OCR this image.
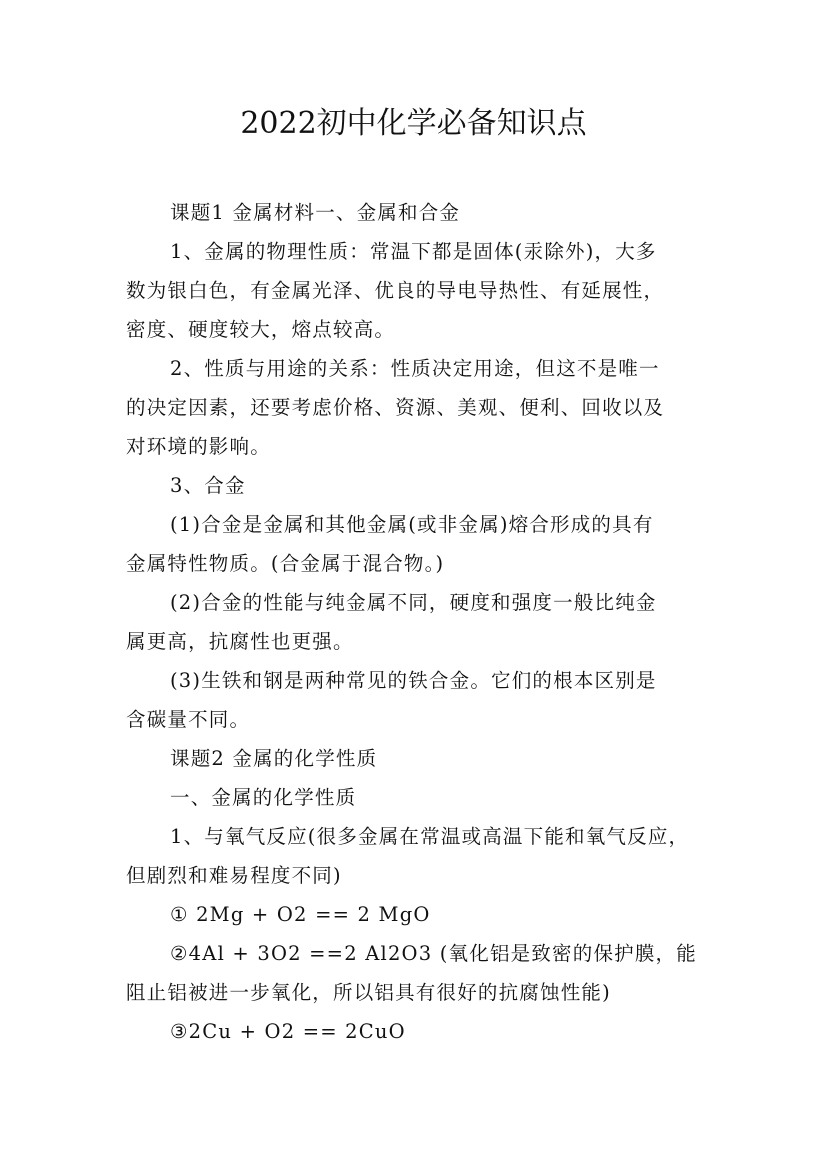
2022初中化学必备知识点

课题1 金属材料一、金属和合金

1、金属的物理性质：常温下都是固体(汞除外)，大多
数为银白色，有金属光泽、优良的导电导热性、有延展性，
密度、硬度较大，熔点较高。

2、性质与用途的关系：性质决定用途，但这不是唯一
的决定因素，还要考虑价格、资源、美观、便利、回收以及
对环境的影响。

3、合金

(1)合金是金属和其他金属(或非金属)熔合形成的具有
金属特性物质。(合金属于混合物。)

(2)合金的性能与纯金属不同，硬度和强度一般比纯金
属更高，抗腐性也更强。

(3)生铁和钢是两种常见的铁合金。它们的根本区别是
含碳量不同。

课题2 金属的化学性质

一、金属的化学性质

1、与氧气反应(很多金属在常温或高温下能和氧气反应，
但剧烈和难易程度不同)

① 2Mg + O2 == 2 MgO

②4Al + 3O2 ==2 Al2O3 (氧化铝是致密的保护膜，能
阻止铝被进一步氧化，所以铝具有很好的抗腐蚀性能)

③2Cu + O2 == 2CuO
